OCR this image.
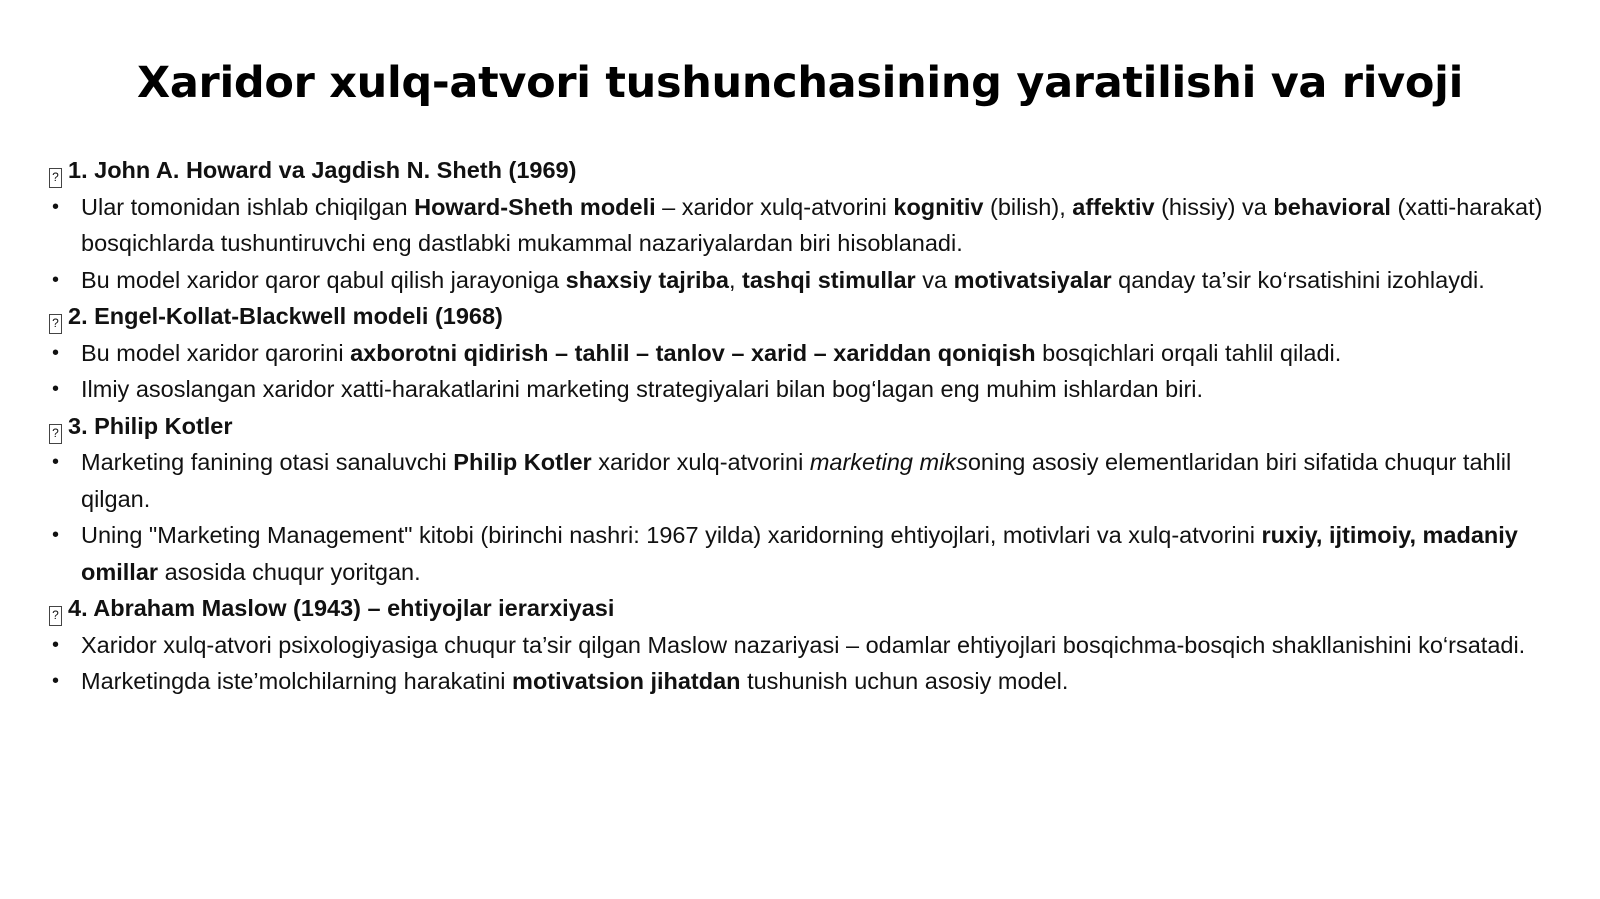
Xaridor xulq-atvori tushunchasining yaratilishi va rivoji
? 1. John A. Howard va Jagdish N. Sheth (1969)
• Ular tomonidan ishlab chiqilgan Howard-Sheth modeli – xaridor xulq-atvorini kognitiv (bilish), affektiv (hissiy) va behavioral (xatti-harakat) bosqichlarda tushuntiruvchi eng dastlabki mukammal nazariyalardan biri hisoblanadi.
• Bu model xaridor qaror qabul qilish jarayoniga shaxsiy tajriba, tashqi stimullar va motivatsiyalar qanday ta’sir ko‘rsatishini izohlaydi.
? 2. Engel-Kollat-Blackwell modeli (1968)
• Bu model xaridor qarorini axborotni qidirish – tahlil – tanlov – xarid – xariddan qoniqish bosqichlari orqali tahlil qiladi.
• Ilmiy asoslangan xaridor xatti-harakatlarini marketing strategiyalari bilan bog‘lagan eng muhim ishlardan biri.
? 3. Philip Kotler
• Marketing fanining otasi sanaluvchi Philip Kotler xaridor xulq-atvorini marketing miksoning asosiy elementlaridan biri sifatida chuqur tahlil qilgan.
• Uning "Marketing Management" kitobi (birinchi nashri: 1967 yilda) xaridorning ehtiyojlari, motivlari va xulq-atvorini ruxiy, ijtimoiy, madaniy omillar asosida chuqur yoritgan.
? 4. Abraham Maslow (1943) – ehtiyojlar ierarxiyasi
• Xaridor xulq-atvori psixologiyasiga chuqur ta’sir qilgan Maslow nazariyasi – odamlar ehtiyojlari bosqichma-bosqich shakllanishini ko‘rsatadi.
• Marketingda iste’molchilarning harakatini motivatsion jihatdan tushunish uchun asosiy model.
